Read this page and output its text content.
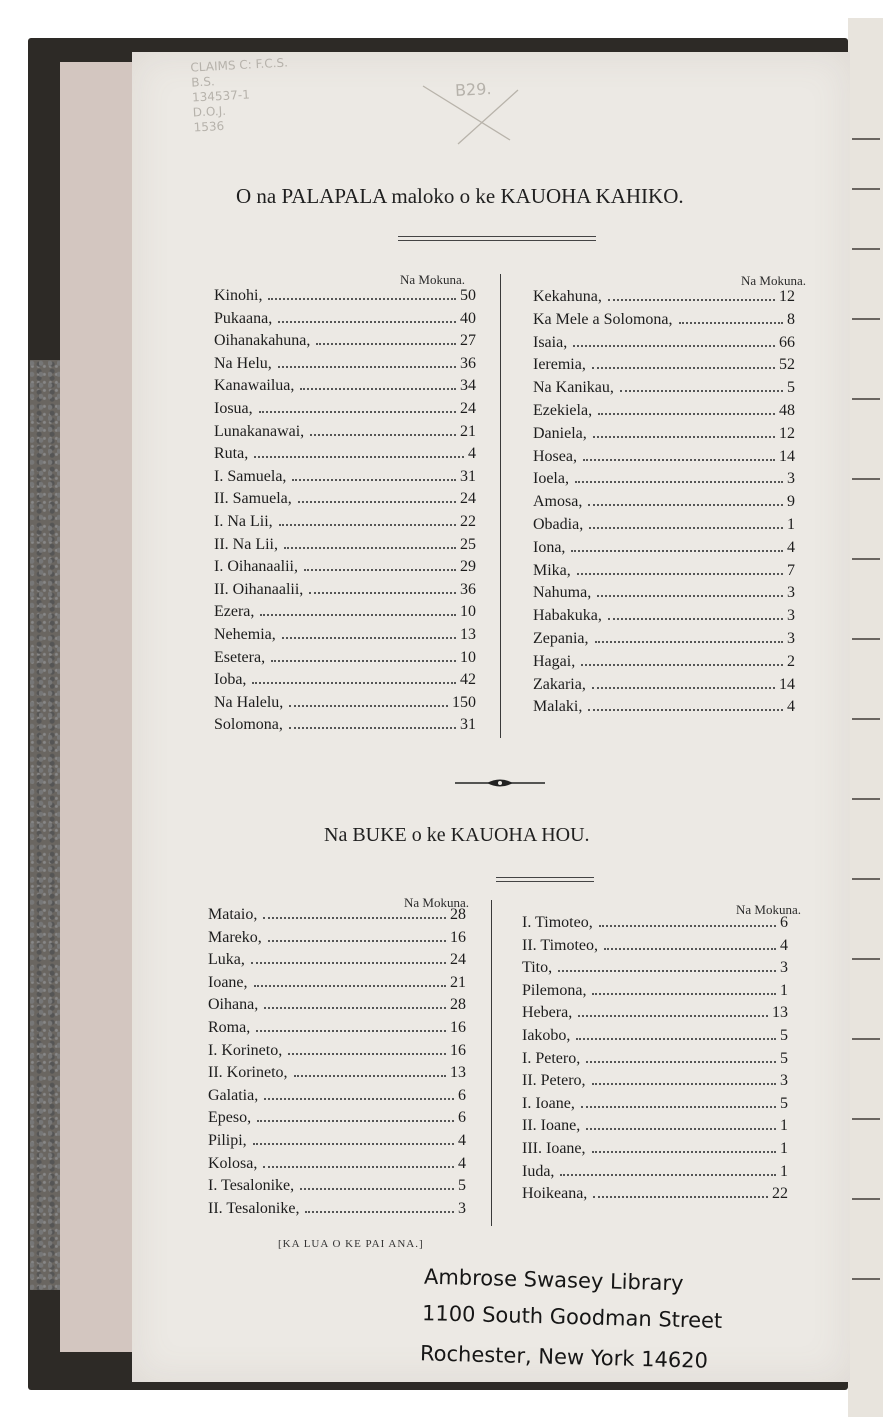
CLAIMS C: F.C.S.
B.S.
134537-1
D.O.J.
1536
B29.
O na PALAPALA maloko o ke KAUOHA KAHIKO.
Na Mokuna.	Na Mokuna.
Kinohi,	50
Pukaana,	40
Oihanakahuna,	27
Na Helu,	36
Kanawailua,	34
Iosua,	24
Lunakanawai,	21
Ruta,	4
I. Samuela,	31
II. Samuela,	24
I. Na Lii,	22
II. Na Lii,	25
I. Oihanaalii,	29
II. Oihanaalii,	36
Ezera,	10
Nehemia,	13
Esetera,	10
Ioba,	42
Na Halelu,	150
Solomona,	31
Kekahuna,	12
Ka Mele a Solomona,	8
Isaia,	66
Ieremia,	52
Na Kanikau,	5
Ezekiela,	48
Daniela,	12
Hosea,	14
Ioela,	3
Amosa,	9
Obadia,	1
Iona,	4
Mika,	7
Nahuma,	3
Habakuka,	3
Zepania,	3
Hagai,	2
Zakaria,	14
Malaki,	4
Na BUKE o ke KAUOHA HOU.
Na Mokuna.	Na Mokuna.
Mataio,	28
Mareko,	16
Luka,	24
Ioane,	21
Oihana,	28
Roma,	16
I. Korineto,	16
II. Korineto,	13
Galatia,	6
Epeso,	6
Pilipi,	4
Kolosa,	4
I. Tesalonike,	5
II. Tesalonike,	3
I. Timoteo,	6
II. Timoteo,	4
Tito,	3
Pilemona,	1
Hebera,	13
Iakobo,	5
I. Petero,	5
II. Petero,	3
I. Ioane,	5
II. Ioane,	1
III. Ioane,	1
Iuda,	1
Hoikeana,	22
[KA LUA O KE PAI ANA.]
Ambrose Swasey Library
1100 South Goodman Street
Rochester, New York 14620
